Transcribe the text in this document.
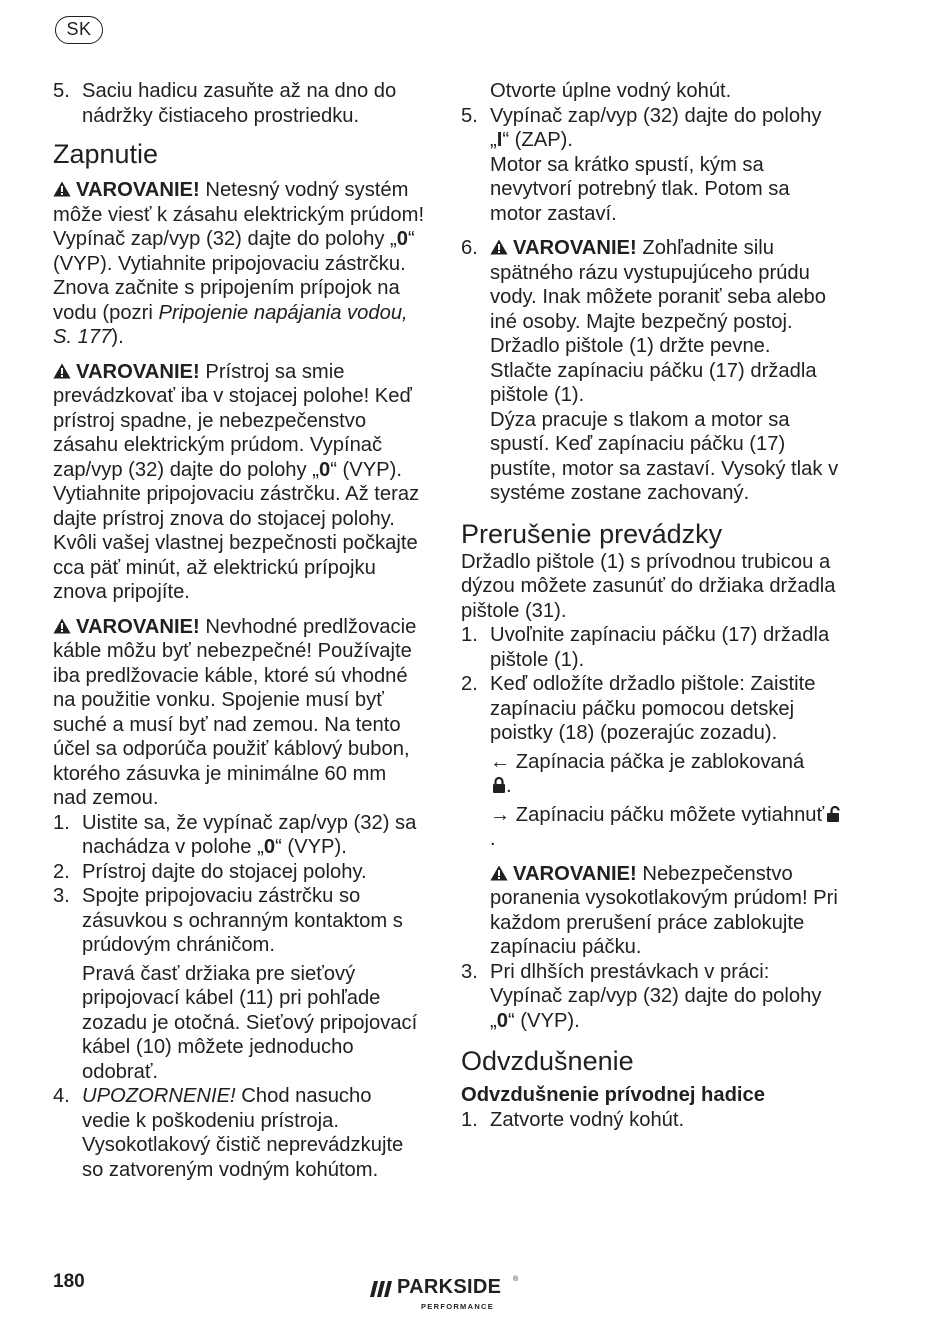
SK

5. Saciu hadicu zasuňte až na dno do nádržky čistiaceho prostriedku.

Zapnutie

VAROVANIE! Netesný vodný systém môže viesť k zásahu elektrickým prúdom! Vypínač zap/vyp (32) dajte do polohy „0“ (VYP). Vytiahnite pripojovaciu zástrčku. Znova začnite s pripojením prípojok na vodu (pozri Pripojenie napájania vodou, S. 177).

VAROVANIE! Prístroj sa smie prevádzkovať iba v stojacej polohe! Keď prístroj spadne, je nebezpečenstvo zásahu elektrickým prúdom. Vypínač zap/vyp (32) dajte do polohy „0“ (VYP). Vytiahnite pripojovaciu zástrčku. Až teraz dajte prístroj znova do stojacej polohy. Kvôli vašej vlastnej bezpečnosti počkajte cca päť minút, až elektrickú prípojku znova pripojíte.

VAROVANIE! Nevhodné predlžovacie káble môžu byť nebezpečné! Používajte iba predlžovacie káble, ktoré sú vhodné na použitie vonku. Spojenie musí byť suché a musí byť nad zemou. Na tento účel sa odporúča použiť káblový bubon, ktorého zásuvka je minimálne 60 mm nad zemou.

1. Uistite sa, že vypínač zap/vyp (32) sa nachádza v polohe „0“ (VYP).

2. Prístroj dajte do stojacej polohy.

3. Spojte pripojovaciu zástrčku so zásuvkou s ochranným kontaktom s prúdovým chráničom.

Pravá časť držiaka pre sieťový pripojovací kábel (11) pri pohľade zozadu je otočná. Sieťový pripojovací kábel (10) môžete jednoducho odobrať.

4. UPOZORNENIE! Chod nasucho vedie k poškodeniu prístroja. Vysokotlakový čistič neprevádzkujte so zatvoreným vodným kohútom.

Otvorte úplne vodný kohút.

5. Vypínač zap/vyp (32) dajte do polohy „I“ (ZAP).

Motor sa krátko spustí, kým sa nevytvorí potrebný tlak. Potom sa motor zastaví.

6. VAROVANIE! Zohľadnite silu spätného rázu vystupujúceho prúdu vody. Inak môžete poraniť seba alebo iné osoby. Majte bezpečný postoj. Držadlo pištole (1) držte pevne.

Stlačte zapínaciu páčku (17) držadla pištole (1).

Dýza pracuje s tlakom a motor sa spustí. Keď zapínaciu páčku (17) pustíte, motor sa zastaví. Vysoký tlak v systéme zostane zachovaný.

Prerušenie prevádzky

Držadlo pištole (1) s prívodnou trubicou a dýzou môžete zasunúť do držiaka držadla pištole (31).

1. Uvoľnite zapínaciu páčku (17) držadla pištole (1).

2. Keď odložíte držadlo pištole: Zaistite zapínaciu páčku pomocou detskej poistky (18) (pozerajúc zozadu).

← Zapínacia páčka je zablokovaná
.

→ Zapínaciu páčku môžete vytiahnuť.

VAROVANIE! Nebezpečenstvo poranenia vysokotlakovým prúdom! Pri každom prerušení práce zablokujte zapínaciu páčku.

3. Pri dlhších prestávkach v práci: Vypínač zap/vyp (32) dajte do polohy „0“ (VYP).

Odvzdušnenie
Odvzdušnenie prívodnej hadice

1. Zatvorte vodný kohút.

180	PARKSIDE ®
PERFORMANCE
